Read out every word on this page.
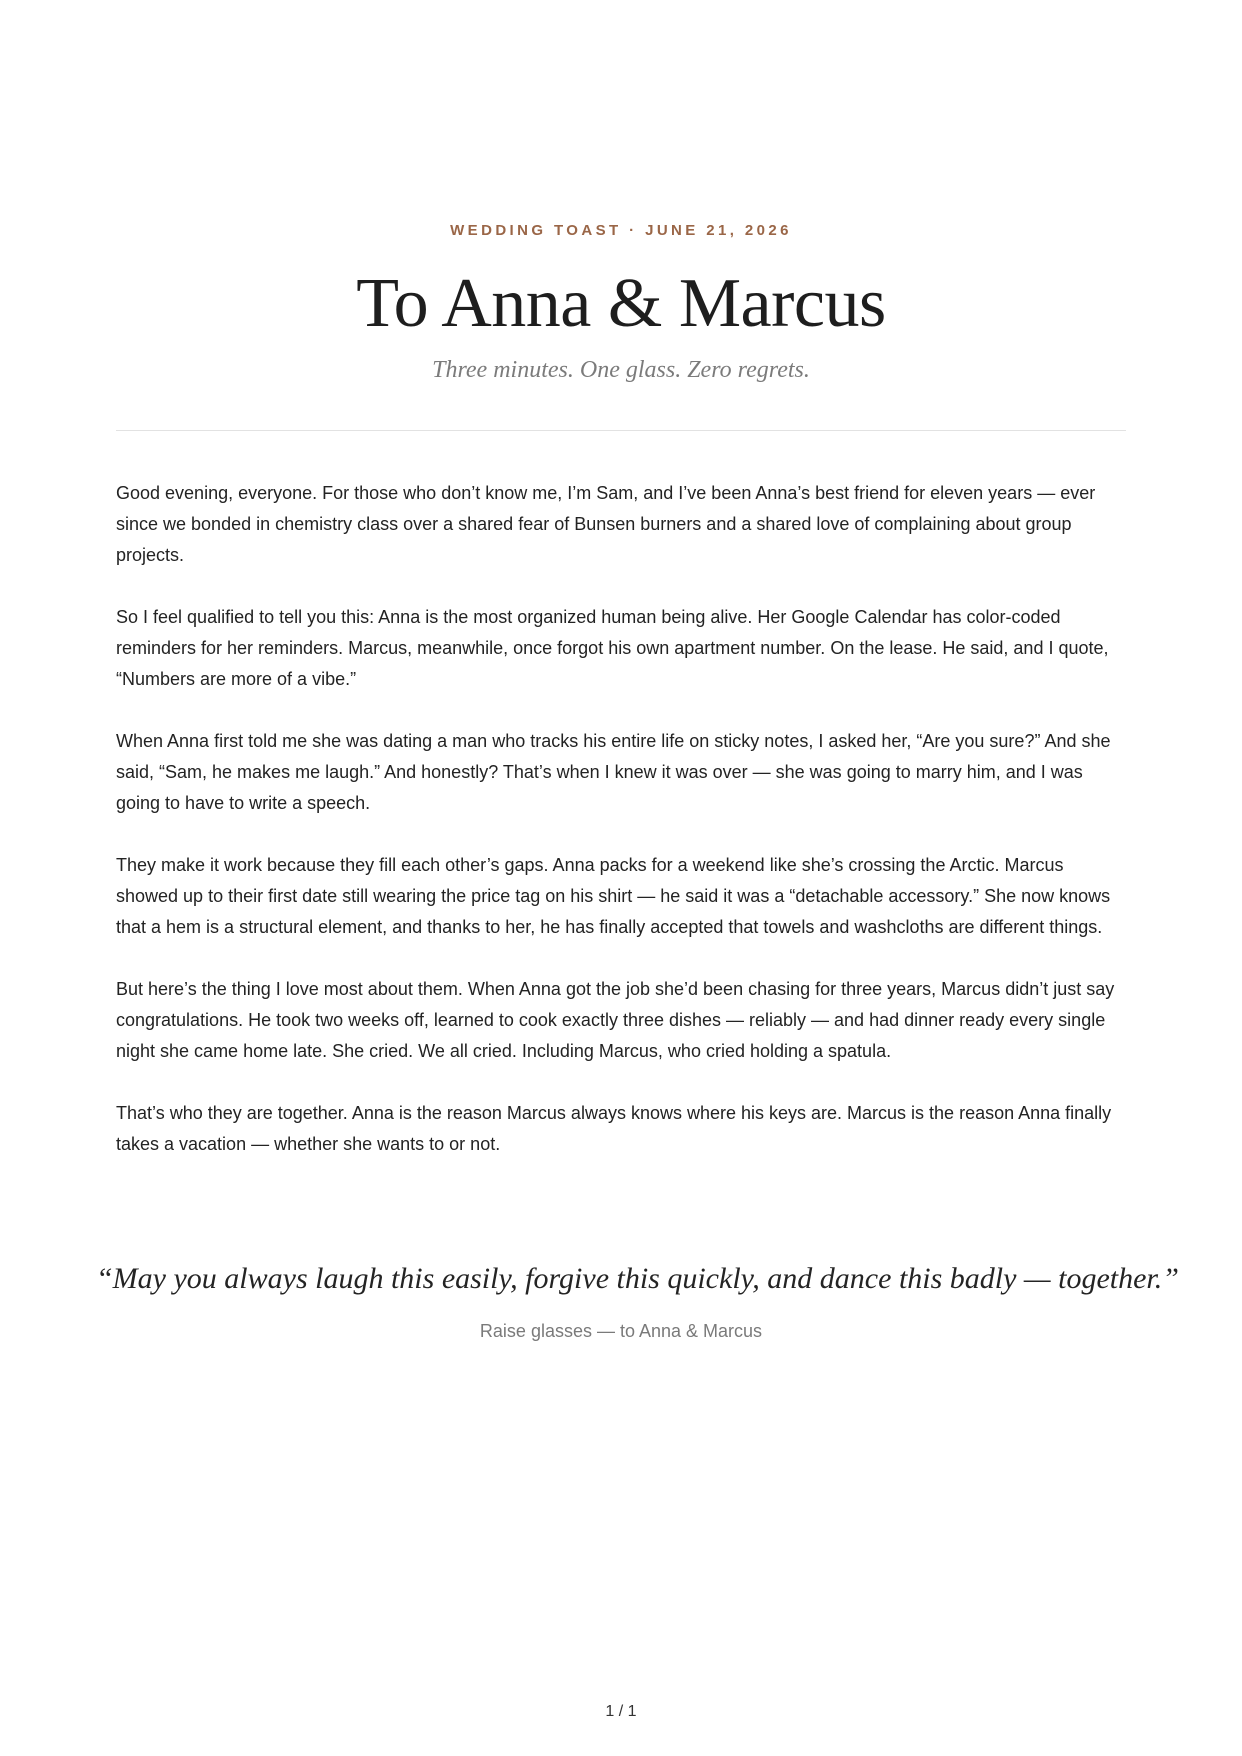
WEDDING TOAST · JUNE 21, 2026
To Anna & Marcus
Three minutes. One glass. Zero regrets.

Good evening, everyone. For those who don’t know me, I’m Sam, and I’ve been Anna’s best friend for eleven years — ever since we bonded in chemistry class over a shared fear of Bunsen burners and a shared love of complaining about group projects.

So I feel qualified to tell you this: Anna is the most organized human being alive. Her Google Calendar has color-coded reminders for her reminders. Marcus, meanwhile, once forgot his own apartment number. On the lease. He said, and I quote, “Numbers are more of a vibe.”

When Anna first told me she was dating a man who tracks his entire life on sticky notes, I asked her, “Are you sure?” And she said, “Sam, he makes me laugh.” And honestly? That’s when I knew it was over — she was going to marry him, and I was going to have to write a speech.

They make it work because they fill each other’s gaps. Anna packs for a weekend like she’s crossing the Arctic. Marcus showed up to their first date still wearing the price tag on his shirt — he said it was a “detachable accessory.” She now knows that a hem is a structural element, and thanks to her, he has finally accepted that towels and washcloths are different things.

But here’s the thing I love most about them. When Anna got the job she’d been chasing for three years, Marcus didn’t just say congratulations. He took two weeks off, learned to cook exactly three dishes — reliably — and had dinner ready every single night she came home late. She cried. We all cried. Including Marcus, who cried holding a spatula.

That’s who they are together. Anna is the reason Marcus always knows where his keys are. Marcus is the reason Anna finally takes a vacation — whether she wants to or not.

“May you always laugh this easily, forgive this quickly, and dance this badly — together.”
Raise glasses — to Anna & Marcus
1 / 1
